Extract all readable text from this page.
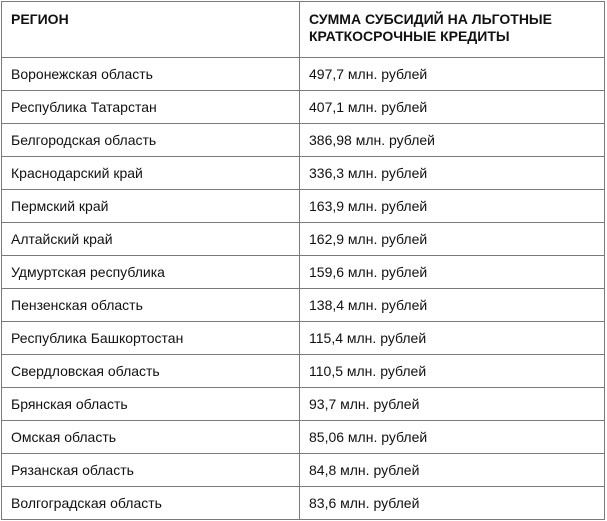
РЕГИОН	СУММА СУБСИДИЙ НА ЛЬГОТНЫЕ КРАТКОСРОЧНЫЕ КРЕДИТЫ
Воронежская область	497,7 млн. рублей
Республика Татарстан	407,1 млн. рублей
Белгородская область	386,98 млн. рублей
Краснодарский край	336,3 млн. рублей
Пермский край	163,9 млн. рублей
Алтайский край	162,9 млн. рублей
Удмуртская республика	159,6 млн. рублей
Пензенская область	138,4 млн. рублей
Республика Башкортостан	115,4 млн. рублей
Свердловская область	110,5 млн. рублей
Брянская область	93,7 млн. рублей
Омская область	85,06 млн. рублей
Рязанская область	84,8 млн. рублей
Волгоградская область	83,6 млн. рублей
